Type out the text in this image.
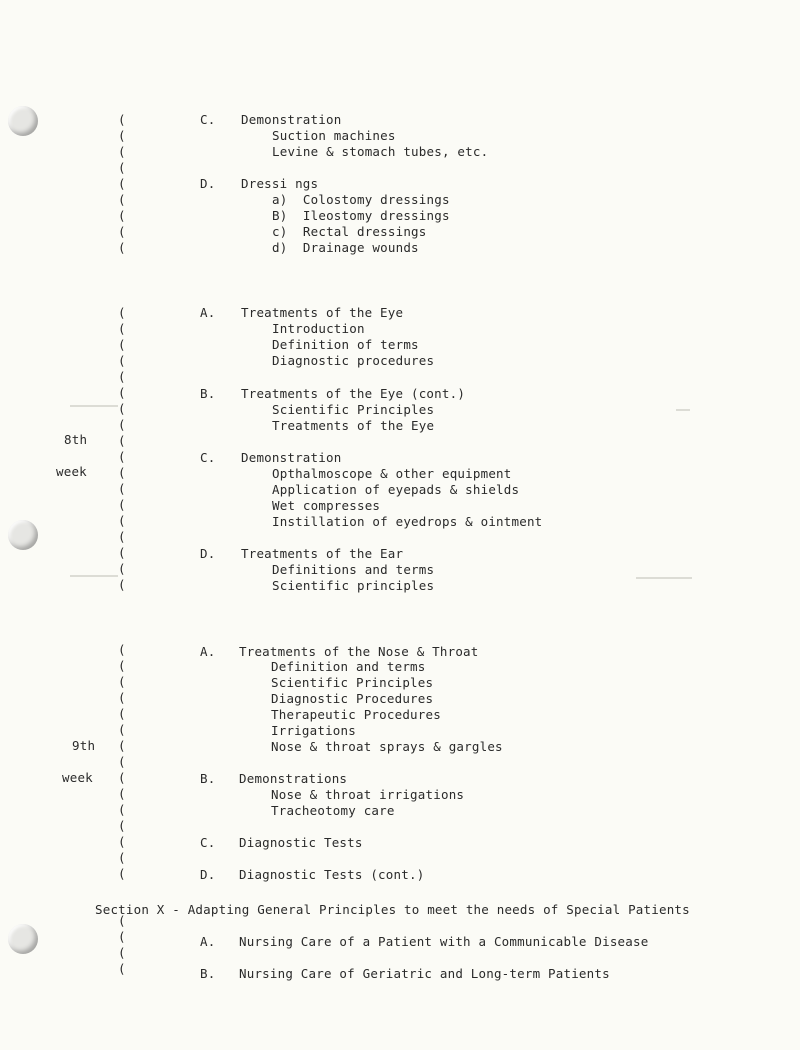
(
(
(
(
(
(
(
(
(
C. Demonstration
Suction machines
Levine & stomach tubes, etc.
D. Dressi ngs
a)  Colostomy dressings
B)  Ileostomy dressings
c)  Rectal dressings
d)  Drainage wounds
(
(
(
(
(
(
(
(
(
(
(
(
(
(
(
(
(
(
8th
week
A. Treatments of the Eye
Introduction
Definition of terms
Diagnostic procedures
B. Treatments of the Eye (cont.)
Scientific Principles
Treatments of the Eye
C. Demonstration
Opthalmoscope & other equipment
Application of eyepads & shields
Wet compresses
Instillation of eyedrops & ointment
D. Treatments of the Ear
Definitions and terms
Scientific principles
(
(
(
(
(
(
(
(
(
(
(
(
(
(
(
9th
week
A. Treatments of the Nose & Throat
Definition and terms
Scientific Principles
Diagnostic Procedures
Therapeutic Procedures
Irrigations
Nose & throat sprays & gargles
B. Demonstrations
Nose & throat irrigations
Tracheotomy care
C. Diagnostic Tests
D. Diagnostic Tests (cont.)
Section X - Adapting General Principles to meet the needs of Special Patients
(
(
(
(
A. Nursing Care of a Patient with a Communicable Disease
B. Nursing Care of Geriatric and Long-term Patients
